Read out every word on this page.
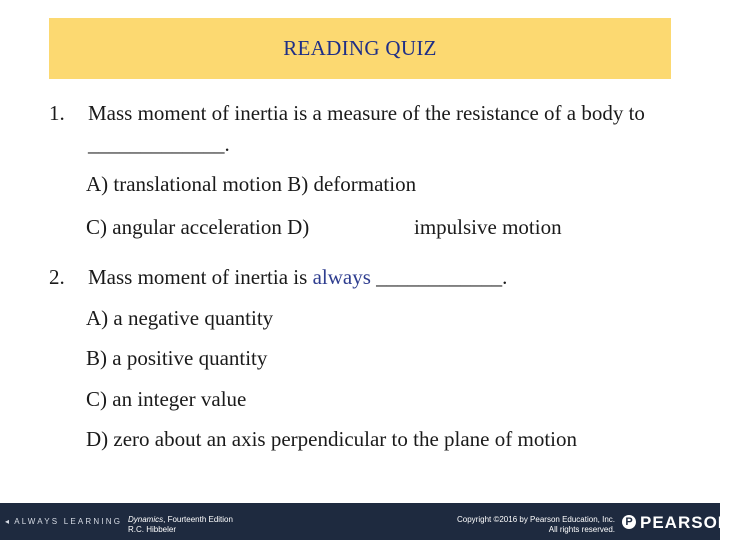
READING QUIZ
1. Mass moment of inertia is a measure of the resistance of a body to _____________.
A) translational motion B) deformation
C) angular acceleration D)	impulsive motion
2. Mass moment of inertia is always ____________.
A) a negative quantity
B) a positive quantity
C) an integer value
D) zero about an axis perpendicular to the plane of motion
◂ ALWAYS LEARNING Dynamics, Fourteenth Edition
R.C. Hibbeler
Copyright ©2016 by Pearson Education, Inc.
All rights reserved.
P PEARSON
